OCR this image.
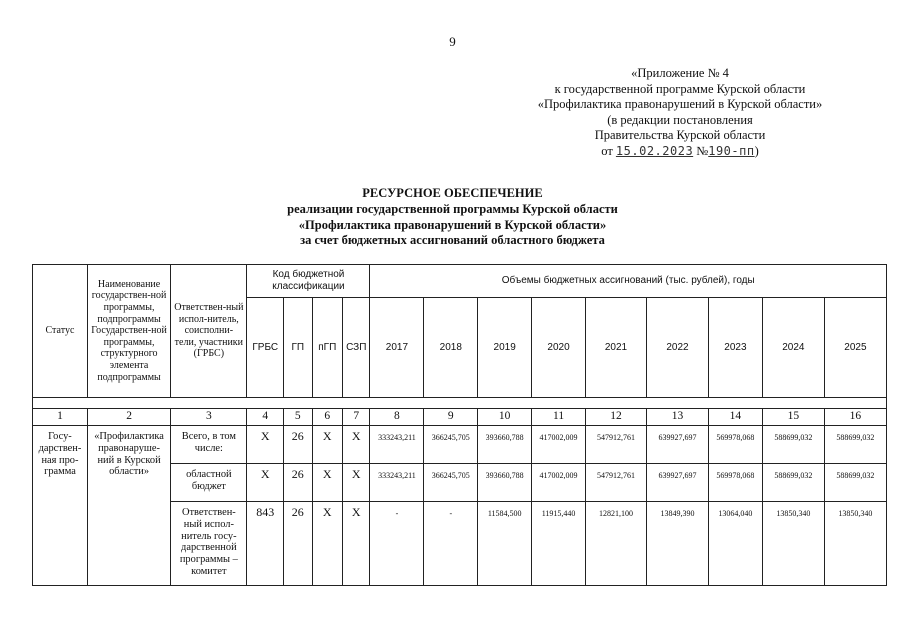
9
«Приложение № 4
к государственной программе Курской области
«Профилактика правонарушений в Курской области»
(в редакции постановления
Правительства Курской области
от 15.02.2023 №190-пп)
РЕСУРСНОЕ ОБЕСПЕЧЕНИЕ
реализации государственной программы Курской области
«Профилактика правонарушений в Курской области»
за счет бюджетных ассигнований областного бюджета
Статус	Наименование государствен-ной программы, подпрограммы Государствен-ной программы, структурного элемента подпрограммы	Ответствен-ный испол-нитель, соисполни-тели, участники (ГРБС)	Код бюджетной классификации				Объемы бюджетных ассигнований (тыс. рублей), годы								
			ГРБС	ГП	пГП	СЗП	2017	2018	2019	2020	2021	2022	2023	2024	2025

1	2	3	4	5	6	7	8	9	10	11	12	13	14	15	16
Госу-дарствен-ная про-грамма	«Профилактика правонаруше-ний в Курской области»	Всего, в том числе:	Х	26	Х	Х	333243,211	366245,705	393660,788	417002,009	547912,761	639927,697	569978,068	588699,032	588699,032
		областной бюджет	Х	26	Х	Х	333243,211	366245,705	393660,788	417002,009	547912,761	639927,697	569978,068	588699,032	588699,032
		Ответствен-ный испол-нитель госу-дарственной программы – комитет	843	26	Х	Х	-	-	11584,500	11915,440	12821,100	13849,390	13064,040	13850,340	13850,340
